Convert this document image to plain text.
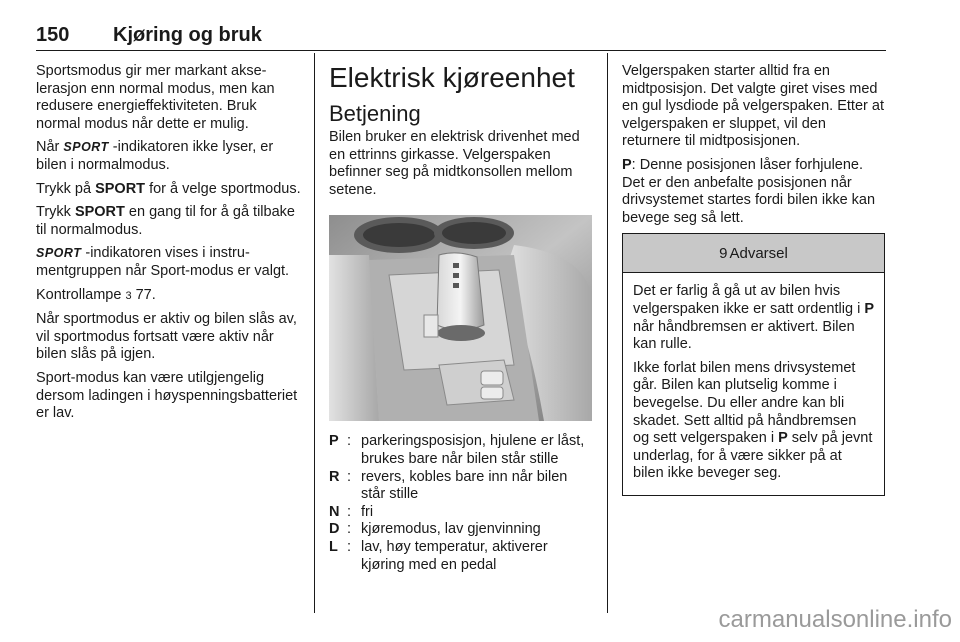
150 Kjøring og bruk

Sportsmodus gir mer markant akselerasjon enn normal modus, men kan redusere energieffektiviteten. Bruk normal modus når dette er mulig.

Når SPORT -indikatoren ikke lyser, er bilen i normalmodus.

Trykk på SPORT for å velge sportmodus.

Trykk SPORT en gang til for å gå tilbake til normalmodus.

SPORT -indikatoren vises i instrumentgruppen når Sport-modus er valgt.

Kontrollampe 3 77.

Når sportmodus er aktiv og bilen slås av, vil sportmodus fortsatt være aktiv når bilen slås på igjen.

Sport-modus kan være utilgjengelig dersom ladingen i høyspenningsbatteriet er lav.

Elektrisk kjøreenhet
Betjening

Bilen bruker en elektrisk drivenhet med en ettrinns girkasse. Velgerspaken befinner seg på midtkonsollen mellom setene.

P : parkeringsposisjon, hjulene er låst, brukes bare når bilen står stille
R : revers, kobles bare inn når bilen står stille
N : fri
D : kjøremodus, lav gjenvinning
L : lav, høy temperatur, aktiverer kjøring med en pedal

Velgerspaken starter alltid fra en midtposisjon. Det valgte giret vises med en gul lysdiode på velgerspaken. Etter at velgerspaken er sluppet, vil den returnere til midtposisjonen.

P: Denne posisjonen låser forhjulene. Det er den anbefalte posisjonen når drivsystemet startes fordi bilen ikke kan bevege seg så lett.

9 Advarsel

Det er farlig å gå ut av bilen hvis velgerspaken ikke er satt ordentlig i P når håndbremsen er aktivert. Bilen kan rulle.

Ikke forlat bilen mens drivsystemet går. Bilen kan plutselig komme i bevegelse. Du eller andre kan bli skadet. Sett alltid på håndbremsen og sett velgerspaken i P selv på jevnt underlag, for å være sikker på at bilen ikke beveger seg.

carmanualsonline.info
